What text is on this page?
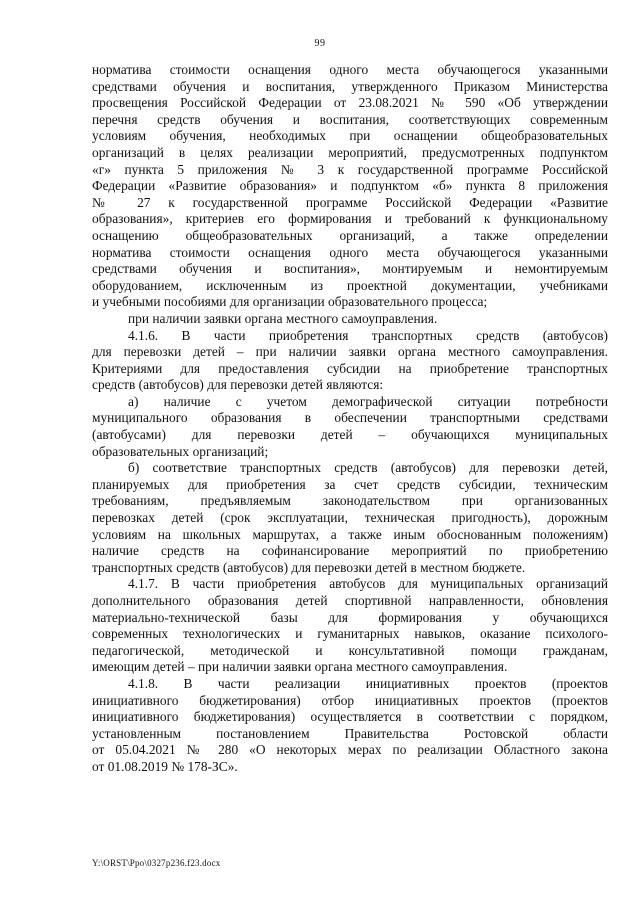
99
норматива стоимости оснащения одного места обучающегося указанными
средствами обучения и воспитания, утвержденного Приказом Министерства
просвещения Российской Федерации от 23.08.2021 № 590 «Об утверждении
перечня средств обучения и воспитания, соответствующих современным
условиям обучения, необходимых при оснащении общеобразовательных
организаций в целях реализации мероприятий, предусмотренных подпунктом
«г» пункта 5 приложения № 3 к государственной программе Российской
Федерации «Развитие образования» и подпунктом «б» пункта 8 приложения
№ 27 к государственной программе Российской Федерации «Развитие
образования», критериев его формирования и требований к функциональному
оснащению общеобразовательных организаций, а также определении
норматива стоимости оснащения одного места обучающегося указанными
средствами обучения и воспитания», монтируемым и немонтируемым
оборудованием, исключенным из проектной документации, учебниками
и учебными пособиями для организации образовательного процесса;
при наличии заявки органа местного самоуправления.
4.1.6. В части приобретения транспортных средств (автобусов)
для перевозки детей – при наличии заявки органа местного самоуправления.
Критериями для предоставления субсидии на приобретение транспортных
средств (автобусов) для перевозки детей являются:
а) наличие с учетом демографической ситуации потребности
муниципального образования в обеспечении транспортными средствами
(автобусами) для перевозки детей – обучающихся муниципальных
образовательных организаций;
б) соответствие транспортных средств (автобусов) для перевозки детей,
планируемых для приобретения за счет средств субсидии, техническим
требованиям, предъявляемым законодательством при организованных
перевозках детей (срок эксплуатации, техническая пригодность), дорожным
условиям на школьных маршрутах, а также иным обоснованным положениям)
наличие средств на софинансирование мероприятий по приобретению
транспортных средств (автобусов) для перевозки детей в местном бюджете.
4.1.7. В части приобретения автобусов для муниципальных организаций
дополнительного образования детей спортивной направленности, обновления
материально-технической базы для формирования у обучающихся
современных технологических и гуманитарных навыков, оказание психолого-
педагогической, методической и консультативной помощи гражданам,
имеющим детей – при наличии заявки органа местного самоуправления.
4.1.8. В части реализации инициативных проектов (проектов
инициативного бюджетирования) отбор инициативных проектов (проектов
инициативного бюджетирования) осуществляется в соответствии с порядком,
установленным постановлением Правительства Ростовской области
от 05.04.2021 № 280 «О некоторых мерах по реализации Областного закона
от 01.08.2019 № 178-ЗС».
Y:\ORST\Ppo\0327p236.f23.docx
